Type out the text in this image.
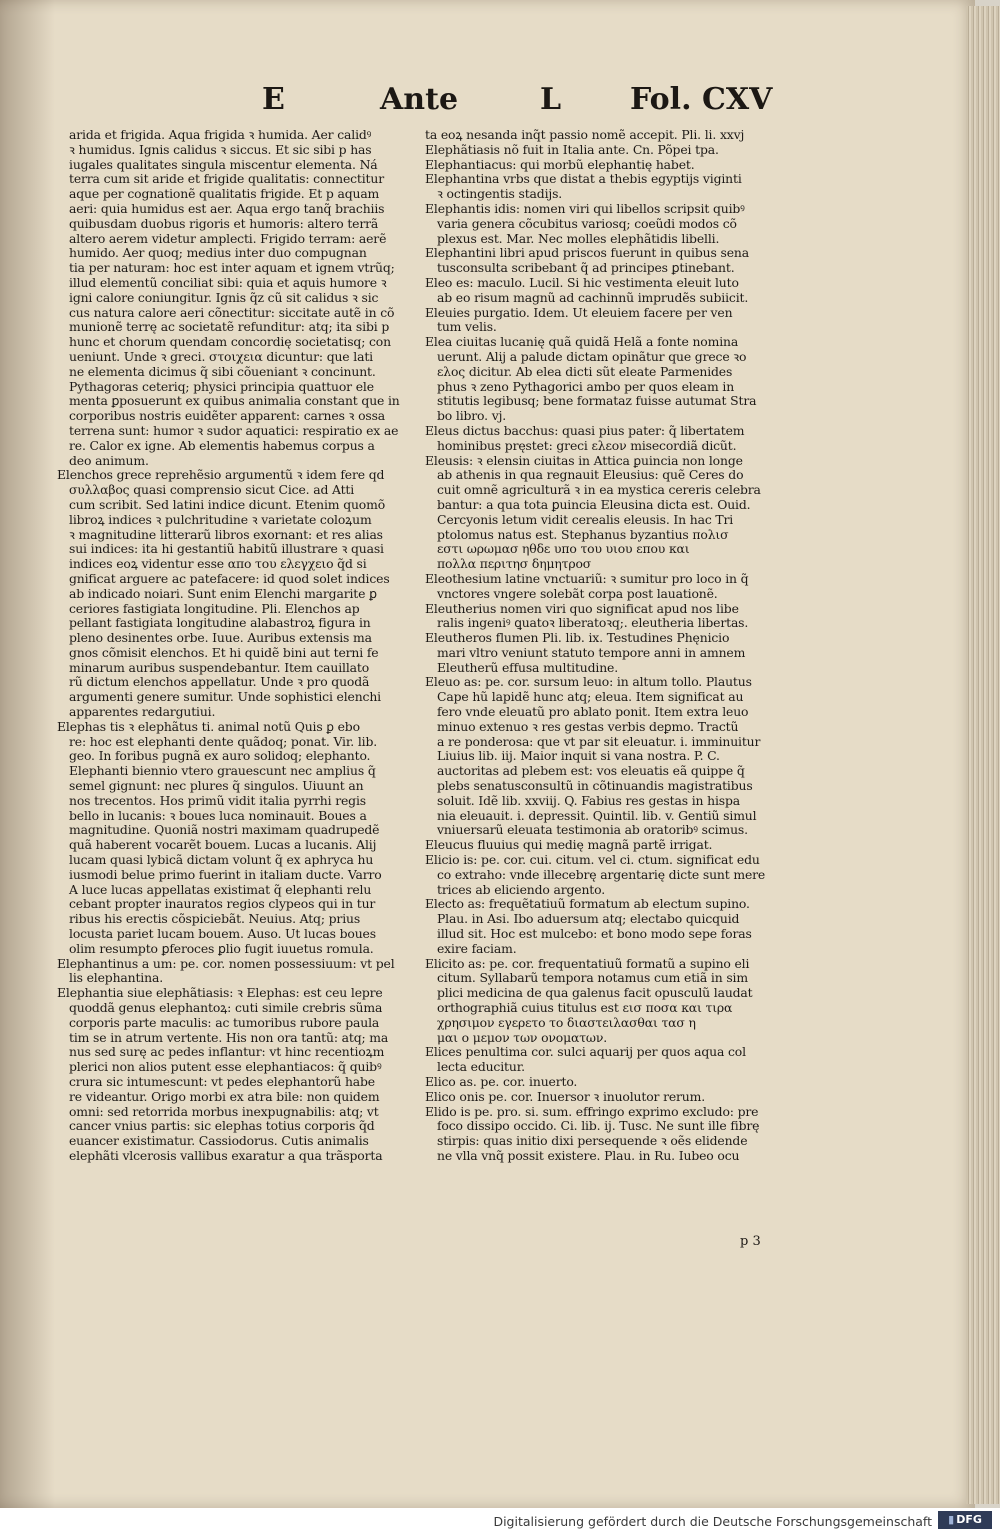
E	Ante	L Fol. CXV
arida et frigida. Aqua frigida ꝛ humida. Aer calidꝰ
ꝛ humidus. Ignis calidus ꝛ siccus. Et sic sibi p has
iugales qualitates singula miscentur elementa. Ná
terra cum sit aride et frigide qualitatis: connectitur
aque per cognationẽ qualitatis frigide. Et p aquam
aeri: quia humidus est aer. Aqua ergo tanq̃ brachiis
quibusdam duobus rigoris et humoris: altero terrã
altero aerem videtur amplecti. Frigido terram: aerẽ
humido. Aer quoq; medius inter duo compugnan
tia per naturam: hoc est inter aquam et ignem vtrũq;
illud elementũ conciliat sibi: quia et aquis humore ꝛ
igni calore coniungitur. Ignis q̃z cũ sit calidus ꝛ sic
cus natura calore aeri cõnectitur: siccitate autẽ in cõ
munionẽ terrę ac societatẽ refunditur: atq; ita sibi p
hunc et chorum quendam concordię societatisq; con
ueniunt. Unde ꝛ greci. στοιχεια dicuntur: que lati
ne elementa dicimus q̃ sibi cõueniant ꝛ concinunt.
Pythagoras ceteriq; physici principia quattuor ele
menta ꝑposuerunt ex quibus animalia constant que in
corporibus nostris euidẽter apparent: carnes ꝛ ossa
terrena sunt: humor ꝛ sudor aquatici: respiratio ex ae
re. Calor ex igne. Ab elementis habemus corpus a
deo animum.
Elenchos grece reprehẽsio argumentũ ꝛ idem fere qd
συλλαβος quasi comprensio sicut Cice. ad Atti
cum scribit. Sed latini indice dicunt. Etenim quomõ
libroꝝ indices ꝛ pulchritudine ꝛ varietate coloꝝum
ꝛ magnitudine litterarũ libros exornant: et res alias
sui indices: ita hi gestantiũ habitũ illustrare ꝛ quasi
indices eoꝝ videntur esse απο του ελεγχειο q̃d si
gnificat arguere ac patefacere: id quod solet indices
ab indicado noiari. Sunt enim Elenchi margarite ꝑ
ceriores fastigiata longitudine. Pli. Elenchos ap
pellant fastigiata longitudine alabastroꝝ figura in
pleno desinentes orbe. Iuue. Auribus extensis ma
gnos cõmisit elenchos. Et hi quidẽ bini aut terni fe
minarum auribus suspendebantur. Item cauillato
rũ dictum elenchos appellatur. Unde ꝛ pro quodã
argumenti genere sumitur. Unde sophistici elenchi
apparentes redargutiui.
Elephas tis ꝛ elephãtus ti. animal notũ Quis ꝑ ebo
re: hoc est elephanti dente quãdoq; ponat. Vir. lib.
geo. In foribus pugnã ex auro solidoq; elephanto.
Elephanti biennio vtero grauescunt nec amplius q̃
semel gignunt: nec plures q̃ singulos. Uiuunt an
nos trecentos. Hos primũ vidit italia pyrrhi regis
bello in lucanis: ꝛ boues luca nominauit. Boues a
magnitudine. Quoniã nostri maximam quadrupedẽ
quã haberent vocarẽt bouem. Lucas a lucanis. Alij
lucam quasi lybicã dictam volunt q̃ ex aphryca hu
iusmodi belue primo fuerint in italiam ducte. Varro
A luce lucas appellatas existimat q̃ elephanti relu
cebant propter inauratos regios clypeos qui in tur
ribus his erectis cõspiciebãt. Neuius. Atq; prius
locusta pariet lucam bouem. Auso. Ut lucas boues
olim resumpto ꝑferoces ꝑlio fugit iuuetus romula.
Elephantinus a um: pe. cor. nomen possessiuum: vt pel
lis elephantina.
Elephantia siue elephãtiasis: ꝛ Elephas: est ceu lepre
quoddã genus elephantoꝝ: cuti simile crebris sũma
corporis parte maculis: ac tumoribus rubore paula
tim se in atrum vertente. His non ora tantũ: atq; ma
nus sed surę ac pedes inflantur: vt hinc recentioꝝm
plerici non alios putent esse elephantiacos: q̃ quibꝰ
crura sic intumescunt: vt pedes elephantorũ habe
re videantur. Origo morbi ex atra bile: non quidem
omni: sed retorrida morbus inexpugnabilis: atq; vt
cancer vnius partis: sic elephas totius corporis q̃d
euancer existimatur. Cassiodorus. Cutis animalis
elephãti vlcerosis vallibus exaratur a qua trãsporta
ta eoꝝ nesanda inq̃t passio nomẽ accepit. Pli. li. xxvj
Elephãtiasis nõ fuit in Italia ante. Cn. Põpei tpa.
Elephantiacus: qui morbũ elephantię habet.
Elephantina vrbs que distat a thebis egyptijs viginti
ꝛ octingentis stadijs.
Elephantis idis: nomen viri qui libellos scripsit quibꝰ
varia genera cõcubitus variosq; coeũdi modos cõ
plexus est. Mar. Nec molles elephãtidis libelli.
Elephantini libri apud priscos fuerunt in quibus sena
tusconsulta scribebant q̃ ad principes ꝑtinebant.
Eleo es: maculo. Lucil. Si hic vestimenta eleuit luto
ab eo risum magnũ ad cachinnũ imprudẽs subiicit.
Eleuies purgatio. Idem. Ut eleuiem facere per ven
tum velis.
Elea ciuitas lucanię quã quidã Helã a fonte nomina
uerunt. Alij a palude dictam opinãtur que grece ꝛo
ελος dicitur. Ab elea dicti sũt eleate Parmenides
phus ꝛ zeno Pythagorici ambo per quos eleam in
stitutis legibusq; bene formataz fuisse autumat Stra
bo libro. vj.
Eleus dictus bacchus: quasi pius pater: q̃ libertatem
hominibus pręstet: greci ελεον misecordiã dicũt.
Eleusis: ꝛ elensin ciuitas in Attica ꝑuincia non longe
ab athenis in qua regnauit Eleusius: quẽ Ceres do
cuit omnẽ agriculturã ꝛ in ea mystica cereris celebra
bantur: a qua tota ꝑuincia Eleusina dicta est. Ouid.
Cercyonis letum vidit cerealis eleusis. In hac Tri
ptolomus natus est. Stephanus byzantius πολισ
εστι ωρωμασ ηθδε υπο του υιου επου και
πολλα περιτησ δημητροσ
Eleothesium latine vnctuariũ: ꝛ sumitur pro loco in q̃
vnctores vngere solebãt corpa post lauationẽ.
Eleutherius nomen viri quo significat apud nos libe
ralis ingeniꝰ ꝗuatoꝛ liberatoꝛq;. eleutheria libertas.
Eleutheros flumen Pli. lib. ix. Testudines Phęnicio
mari vltro veniunt statuto tempore anni in amnem
Eleutherũ effusa multitudine.
Eleuo as: pe. cor. sursum leuo: in altum tollo. Plautus
Cape hũ lapidẽ hunc atq; eleua. Item significat au
fero vnde eleuatũ pro ablato ponit. Item extra leuo
minuo extenuo ꝛ res gestas verbis deꝑmo. Tractũ
a re ponderosa: que vt par sit eleuatur. i. imminuitur
Liuius lib. iij. Maior inquit si vana nostra. P. C.
auctoritas ad plebem est: vos eleuatis eã quippe q̃
plebs senatusconsultũ in cõtinuandis magistratibus
soluit. Idẽ lib. xxviij. Q. Fabius res gestas in hispa
nia eleuauit. i. depressit. Quintil. lib. v. Gentiũ simul
vniuersarũ eleuata testimonia ab oratoribꝰ scimus.
Eleucus fluuius qui medię magnã partẽ irrigat.
Elicio is: pe. cor. cui. citum. vel ci. ctum. significat edu
co extraho: vnde illecebrę argentarię dicte sunt mere
trices ab eliciendo argento.
Electo as: frequẽtatiuũ formatum ab electum supino.
Plau. in Asi. Ibo aduersum atq; electabo quicquid
illud sit. Hoc est mulcebo: et bono modo sepe foras
exire faciam.
Elicito as: pe. cor. frequentatiuũ formatũ a supino eli
citum. Syllabarũ tempora notamus cum etiã in sim
plici medicina de qua galenus facit opusculũ laudat
orthographiã cuius titulus est εισ ποσα και τιρα
χρησιμον εγερετο το διαστειλασθαι τασ η
μαι ο μεμον των ονοματων.
Elices penultima cor. sulci aquarij per quos aqua col
lecta educitur.
Elico as. pe. cor. inuerto.
Elico onis pe. cor. Inuersor ꝛ inuolutor rerum.
Elido is pe. pro. si. sum. effringo exprimo excludo: pre
foco dissipo occido. Ci. lib. ij. Tusc. Ne sunt ille fibrę
stirpis: quas initio dixi persequende ꝛ oẽs elidende
ne vlla vnq̃ possit existere. Plau. in Ru. Iubeo ocu
p 3
Digitalisierung gefördert durch die Deutsche Forschungsgemeinschaft	▮ DFG
